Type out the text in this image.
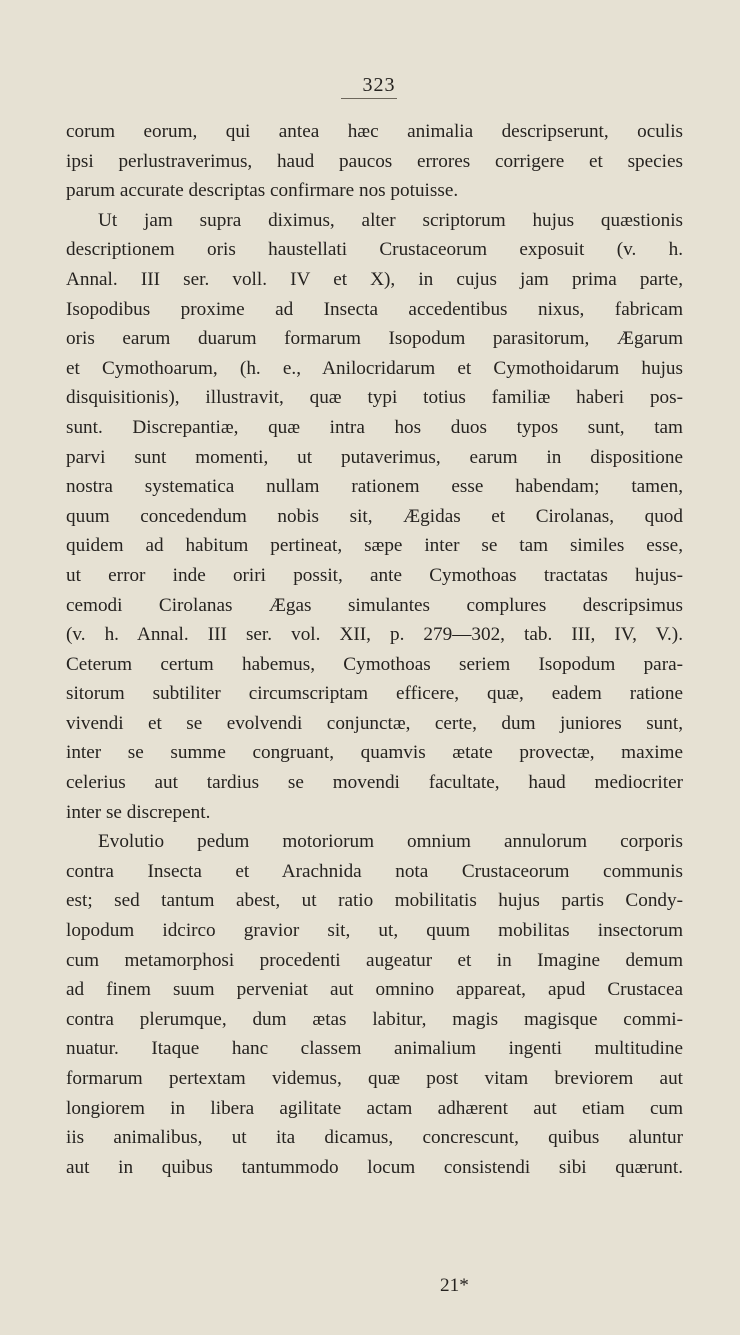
323
corum eorum, qui antea hæc animalia descripserunt, oculis
ipsi perlustraverimus, haud paucos errores corrigere et species
parum accurate descriptas confirmare nos potuisse.
Ut jam supra diximus, alter scriptorum hujus quæstionis
descriptionem oris haustellati Crustaceorum exposuit (v. h.
Annal. III ser. voll. IV et X), in cujus jam prima parte,
Isopodibus proxime ad Insecta accedentibus nixus, fabricam
oris earum duarum formarum Isopodum parasitorum, Ægarum
et Cymothoarum, (h. e., Anilocridarum et Cymothoidarum hujus
disquisitionis), illustravit, quæ typi totius familiæ haberi pos-
sunt. Discrepantiæ, quæ intra hos duos typos sunt, tam
parvi sunt momenti, ut putaverimus, earum in dispositione
nostra systematica nullam rationem esse habendam; tamen,
quum concedendum nobis sit, Ægidas et Cirolanas, quod
quidem ad habitum pertineat, sæpe inter se tam similes esse,
ut error inde oriri possit, ante Cymothoas tractatas hujus-
cemodi Cirolanas Ægas simulantes complures descripsimus
(v. h. Annal. III ser. vol. XII, p. 279—302, tab. III, IV, V.).
Ceterum certum habemus, Cymothoas seriem Isopodum para-
sitorum subtiliter circumscriptam efficere, quæ, eadem ratione
vivendi et se evolvendi conjunctæ, certe, dum juniores sunt,
inter se summe congruant, quamvis ætate provectæ, maxime
celerius aut tardius se movendi facultate, haud mediocriter
inter se discrepent.
Evolutio pedum motoriorum omnium annulorum corporis
contra Insecta et Arachnida nota Crustaceorum communis
est; sed tantum abest, ut ratio mobilitatis hujus partis Condy-
lopodum idcirco gravior sit, ut, quum mobilitas insectorum
cum metamorphosi procedenti augeatur et in Imagine demum
ad finem suum perveniat aut omnino appareat, apud Crustacea
contra plerumque, dum ætas labitur, magis magisque commi-
nuatur. Itaque hanc classem animalium ingenti multitudine
formarum pertextam videmus, quæ post vitam breviorem aut
longiorem in libera agilitate actam adhærent aut etiam cum
iis animalibus, ut ita dicamus, concrescunt, quibus aluntur
aut in quibus tantummodo locum consistendi sibi quærunt.
21*
